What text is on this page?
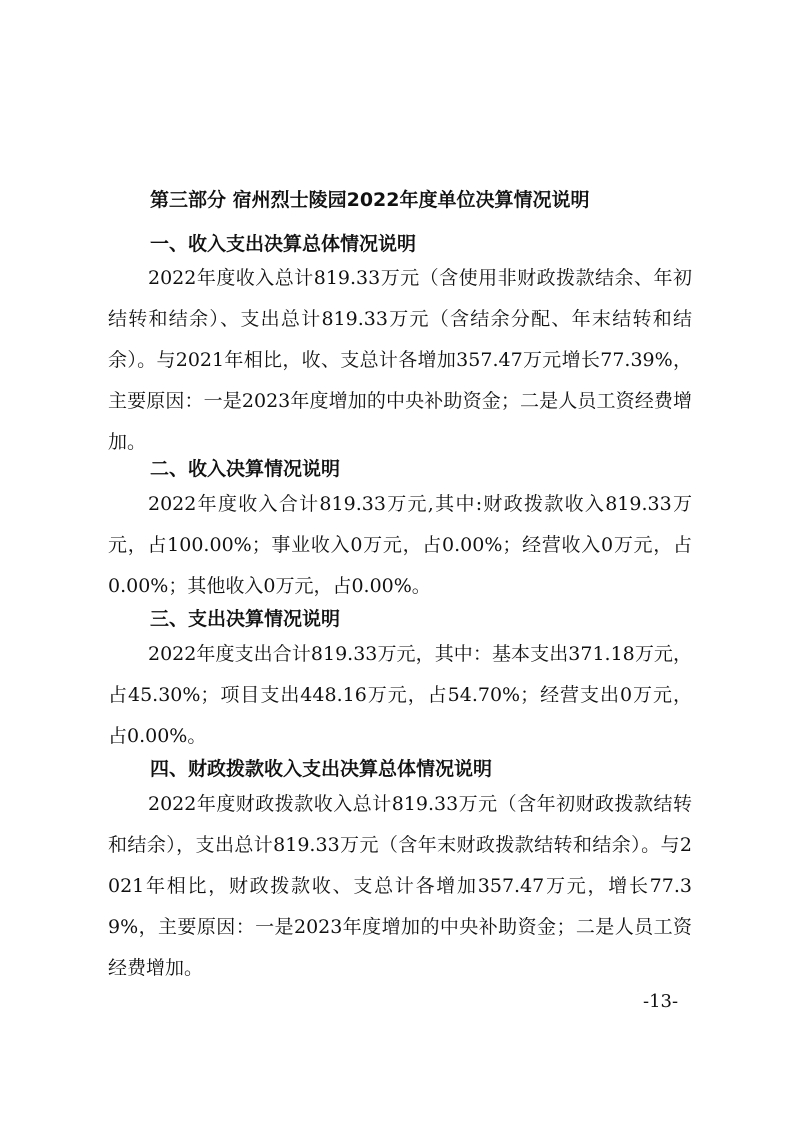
第三部分 宿州烈士陵园2022年度单位决算情况说明
一、收入支出决算总体情况说明
2022年度收入总计819.33万元（含使用非财政拨款结余、年初结转和结余）、支出总计819.33万元（含结余分配、年末结转和结余）。与2021年相比，收、支总计各增加357.47万元增长77.39%，主要原因：一是2023年度增加的中央补助资金；二是人员工资经费增加。
二、收入决算情况说明
2022年度收入合计819.33万元,其中:财政拨款收入819.33万元，占100.00%；事业收入0万元，占0.00%；经营收入0万元，占0.00%；其他收入0万元，占0.00%。
三、支出决算情况说明
2022年度支出合计819.33万元，其中：基本支出371.18万元，占45.30%；项目支出448.16万元，占54.70%；经营支出0万元，占0.00%。
四、财政拨款收入支出决算总体情况说明
2022年度财政拨款收入总计819.33万元（含年初财政拨款结转和结余），支出总计819.33万元（含年末财政拨款结转和结余）。与2021年相比，财政拨款收、支总计各增加357.47万元，增长77.39%，主要原因：一是2023年度增加的中央补助资金；二是人员工资经费增加。
-13-
